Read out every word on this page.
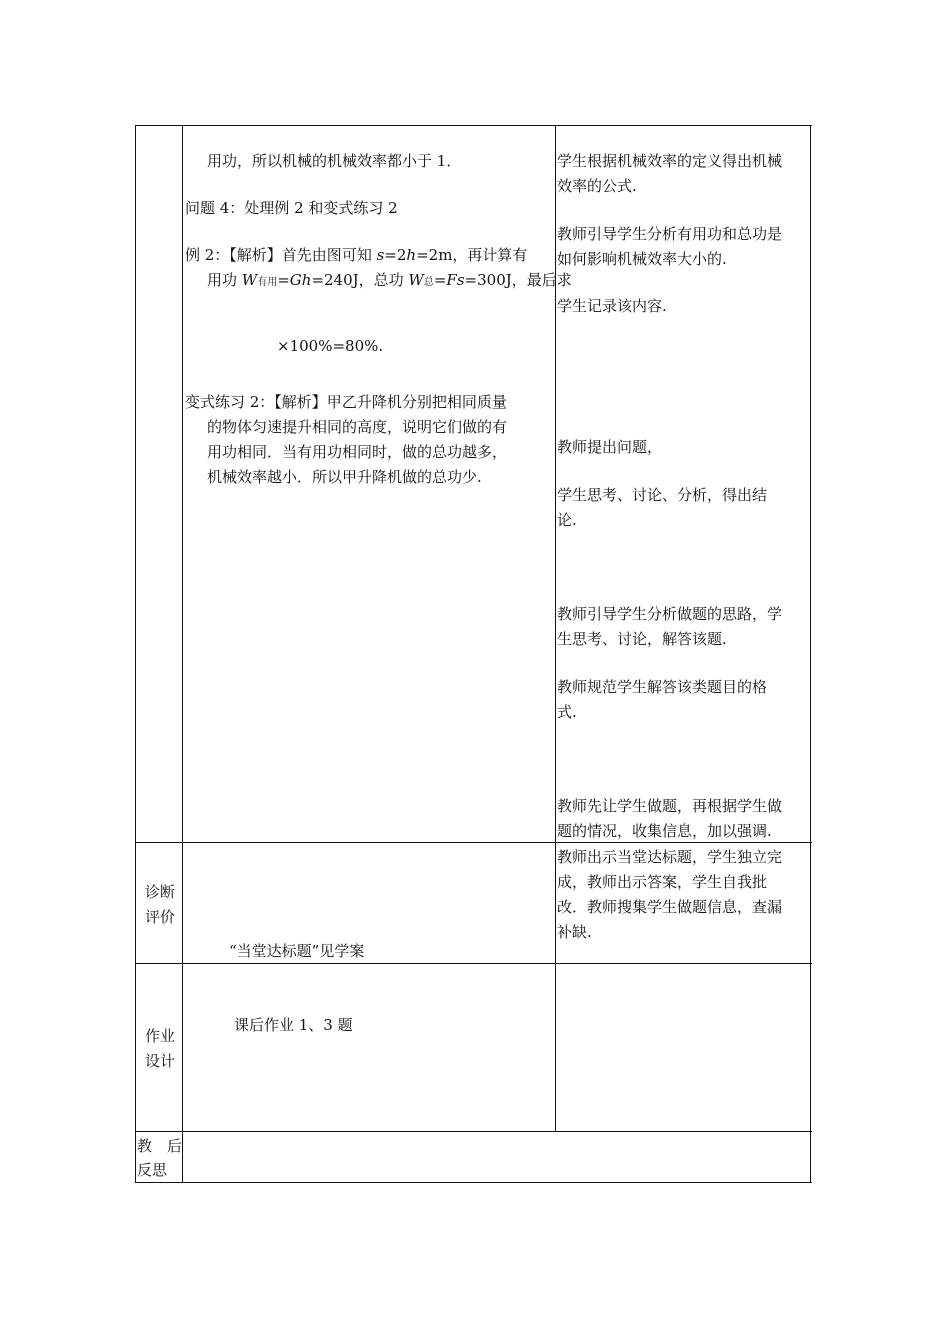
用功，所以机械的机械效率都小于 1．
问题 4：处理例 2 和变式练习 2
例 2：【解析】首先由图可知 s=2h=2m，再计算有
用功 W有用=Gh=240J，总功 W总=Fs=300J，最后求
×100%=80%.
变式练习 2：【解析】甲乙升降机分别把相同质量
的物体匀速提升相同的高度，说明它们做的有
用功相同．当有用功相同时，做的总功越多，
机械效率越小．所以甲升降机做的总功少.
学生根据机械效率的定义得出机械
效率的公式.
教师引导学生分析有用功和总功是
如何影响机械效率大小的.
学生记录该内容.
教师提出问题，
学生思考、讨论、分析，得出结
论.
教师引导学生分析做题的思路，学
生思考、讨论，解答该题.
教师规范学生解答该类题目的格
式.
教师先让学生做题，再根据学生做
题的情况，收集信息，加以强调.
诊断
评价
“当堂达标题”见学案
教师出示当堂达标题，学生独立完
成，教师出示答案，学生自我批
改．教师搜集学生做题信息，查漏
补缺.
作业
设计
课后作业 1、3 题
教　后
反思
